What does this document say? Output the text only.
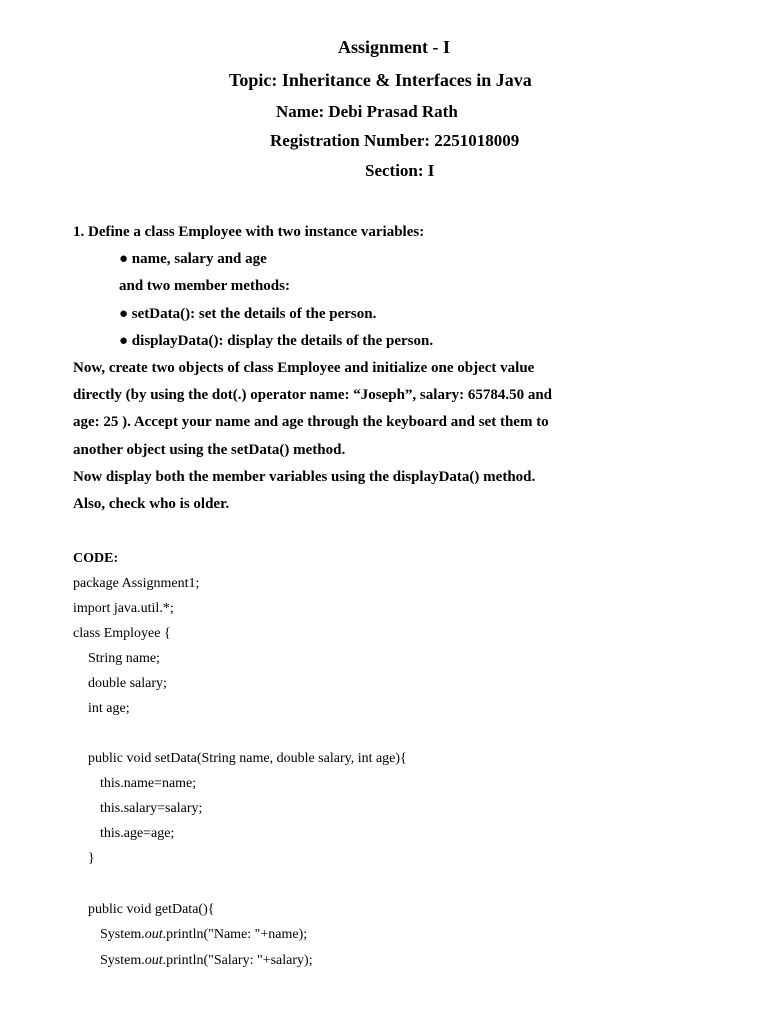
Assignment - I
Topic: Inheritance & Interfaces in Java
Name: Debi Prasad Rath
Registration Number: 2251018009
Section: I
1. Define a class Employee with two instance variables:
● name, salary and age
and two member methods:
● setData(): set the details of the person.
● displayData(): display the details of the person.
Now, create two objects of class Employee and initialize one object value
directly (by using the dot(.) operator name: “Joseph”, salary: 65784.50 and
age: 25 ). Accept your name and age through the keyboard and set them to
another object using the setData() method.
Now display both the member variables using the displayData() method.
Also, check who is older.
CODE:
package Assignment1;
import java.util.*;
class Employee {
String name;
double salary;
int age;
public void setData(String name, double salary, int age){
this.name=name;
this.salary=salary;
this.age=age;
}
public void getData(){
System.out.println("Name: "+name);
System.out.println("Salary: "+salary);
